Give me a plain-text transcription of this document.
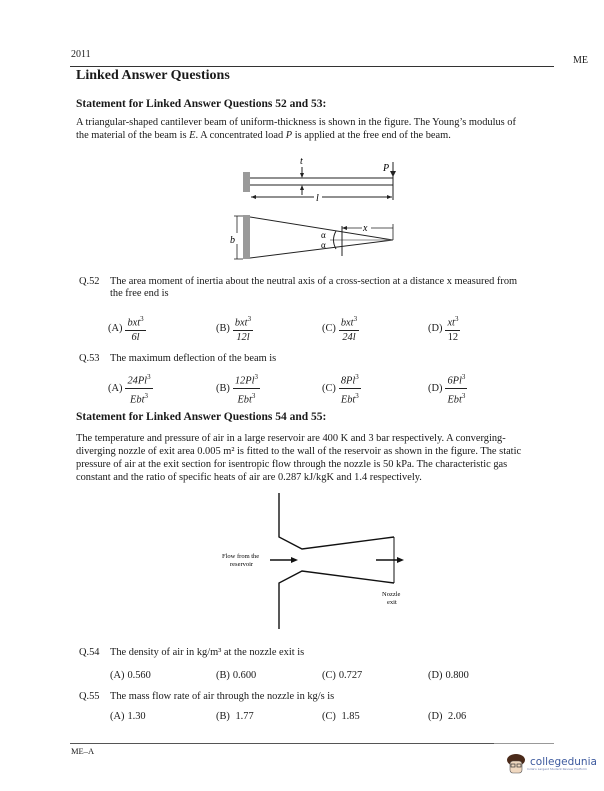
2011
ME
Linked Answer Questions
Statement for Linked Answer Questions 52 and 53:
A triangular-shaped cantilever beam of uniform-thickness is shown in the figure. The Young’s modulus of
the material of the beam is E. A concentrated load P is applied at the free end of the beam.
P
t
l
α
α
x
b
Flow from the
reservoir
Nozzle
exit
Q.52 The area moment of inertia about the neutral axis of a cross-section at a distance x measured from
the free end is
$(A) \frac{bxt^3}{6l}$	$(B) \frac{bxt^3}{12l}$	$(C) \frac{bxt^3}{24l}$	$(D) \frac{xt^3}{12}$
Q.53 The maximum deflection of the beam is
$(A) \frac{24Pl^3}{Ebt^3}$	$(B) \frac{12Pl^3}{Ebt^3}$	$(C) \frac{8Pl^3}{Ebt^3}$	$(D) \frac{6Pl^3}{Ebt^3}$
Statement for Linked Answer Questions 54 and 55:
The temperature and pressure of air in a large reservoir are 400 K and 3 bar respectively. A converging-
diverging nozzle of exit area 0.005 m² is fitted to the wall of the reservoir as shown in the figure. The static
pressure of air at the exit section for isentropic flow through the nozzle is 50 kPa. The characteristic gas
constant and the ratio of specific heats of air are 0.287 kJ/kgK and 1.4 respectively.
Q.54 The density of air in kg/m³ at the nozzle exit is
(A) 0.560	(B) 0.600	(C) 0.727	(D) 0.800
Q.55 The mass flow rate of air through the nozzle in kg/s is
(A) 1.30	(B) 1.77	(C) 1.85	(D) 2.06
ME–A
collegedunia
India's Largest Student Review Platform
